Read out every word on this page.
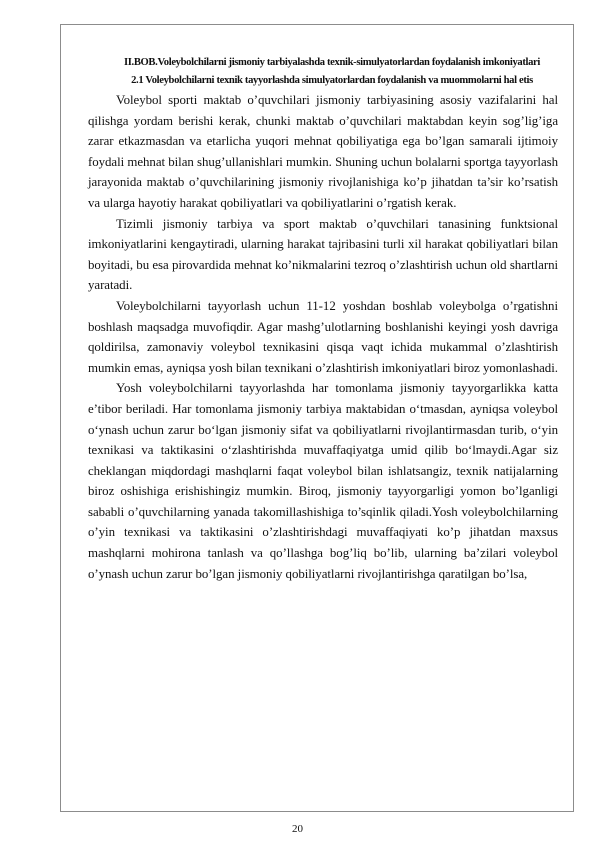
II.BOB.Voleybolchilarni jismoniy tarbiyalashda texnik-simulyatorlardan foydalanish imkoniyatlari

2.1 Voleybolchilarni texnik tayyorlashda simulyatorlardan foydalanish va muommolarni hal etis

Voleybol sporti maktab o’quvchilari jismoniy tarbiyasining asosiy vazifalarini hal qilishga yordam berishi kerak, chunki maktab o’quvchilari maktabdan keyin sog’lig’iga zarar etkazmasdan va etarlicha yuqori mehnat qobiliyatiga ega bo’lgan samarali ijtimoiy foydali mehnat bilan shug’ullanishlari mumkin. Shuning uchun bolalarni sportga tayyorlash jarayonida maktab o’quvchilarining jismoniy rivojlanishiga ko’p jihatdan ta’sir ko’rsatish va ularga hayotiy harakat qobiliyatlari va qobiliyatlarini o’rgatish kerak.

Tizimli jismoniy tarbiya va sport maktab o’quvchilari tanasining funktsional imkoniyatlarini kengaytiradi, ularning harakat tajribasini turli xil harakat qobiliyatlari bilan boyitadi, bu esa pirovardida mehnat ko’nikmalarini tezroq o’zlashtirish uchun old shartlarni yaratadi.

Voleybolchilarni tayyorlash uchun 11-12 yoshdan boshlab voleybolga o’rgatishni boshlash maqsadga muvofiqdir. Agar mashg’ulotlarning boshlanishi keyingi yosh davriga qoldirilsa, zamonaviy voleybol texnikasini qisqa vaqt ichida mukammal o’zlashtirish mumkin emas, ayniqsa yosh bilan texnikani o’zlashtirish imkoniyatlari biroz yomonlashadi.

Yosh voleybolchilarni tayyorlashda har tomonlama jismoniy tayyorgarlikka katta e’tibor beriladi. Har tomonlama jismoniy tarbiya maktabidan oʻtmasdan, ayniqsa voleybol oʻynash uchun zarur boʻlgan jismoniy sifat va qobiliyatlarni rivojlantirmasdan turib, oʻyin texnikasi va taktikasini oʻzlashtirishda muvaffaqiyatga umid qilib boʻlmaydi.Agar siz cheklangan miqdordagi mashqlarni faqat voleybol bilan ishlatsangiz, texnik natijalarning biroz oshishiga erishishingiz mumkin. Biroq, jismoniy tayyorgarligi yomon bo’lganligi sababli o’quvchilarning yanada takomillashishiga to’sqinlik qiladi.Yosh voleybolchilarning o’yin texnikasi va taktikasini o’zlashtirishdagi muvaffaqiyati ko’p jihatdan maxsus mashqlarni mohirona tanlash va qo’llashga bog’liq bo’lib, ularning ba’zilari voleybol o’ynash uchun zarur bo’lgan jismoniy qobiliyatlarni rivojlantirishga qaratilgan bo’lsa,

20
